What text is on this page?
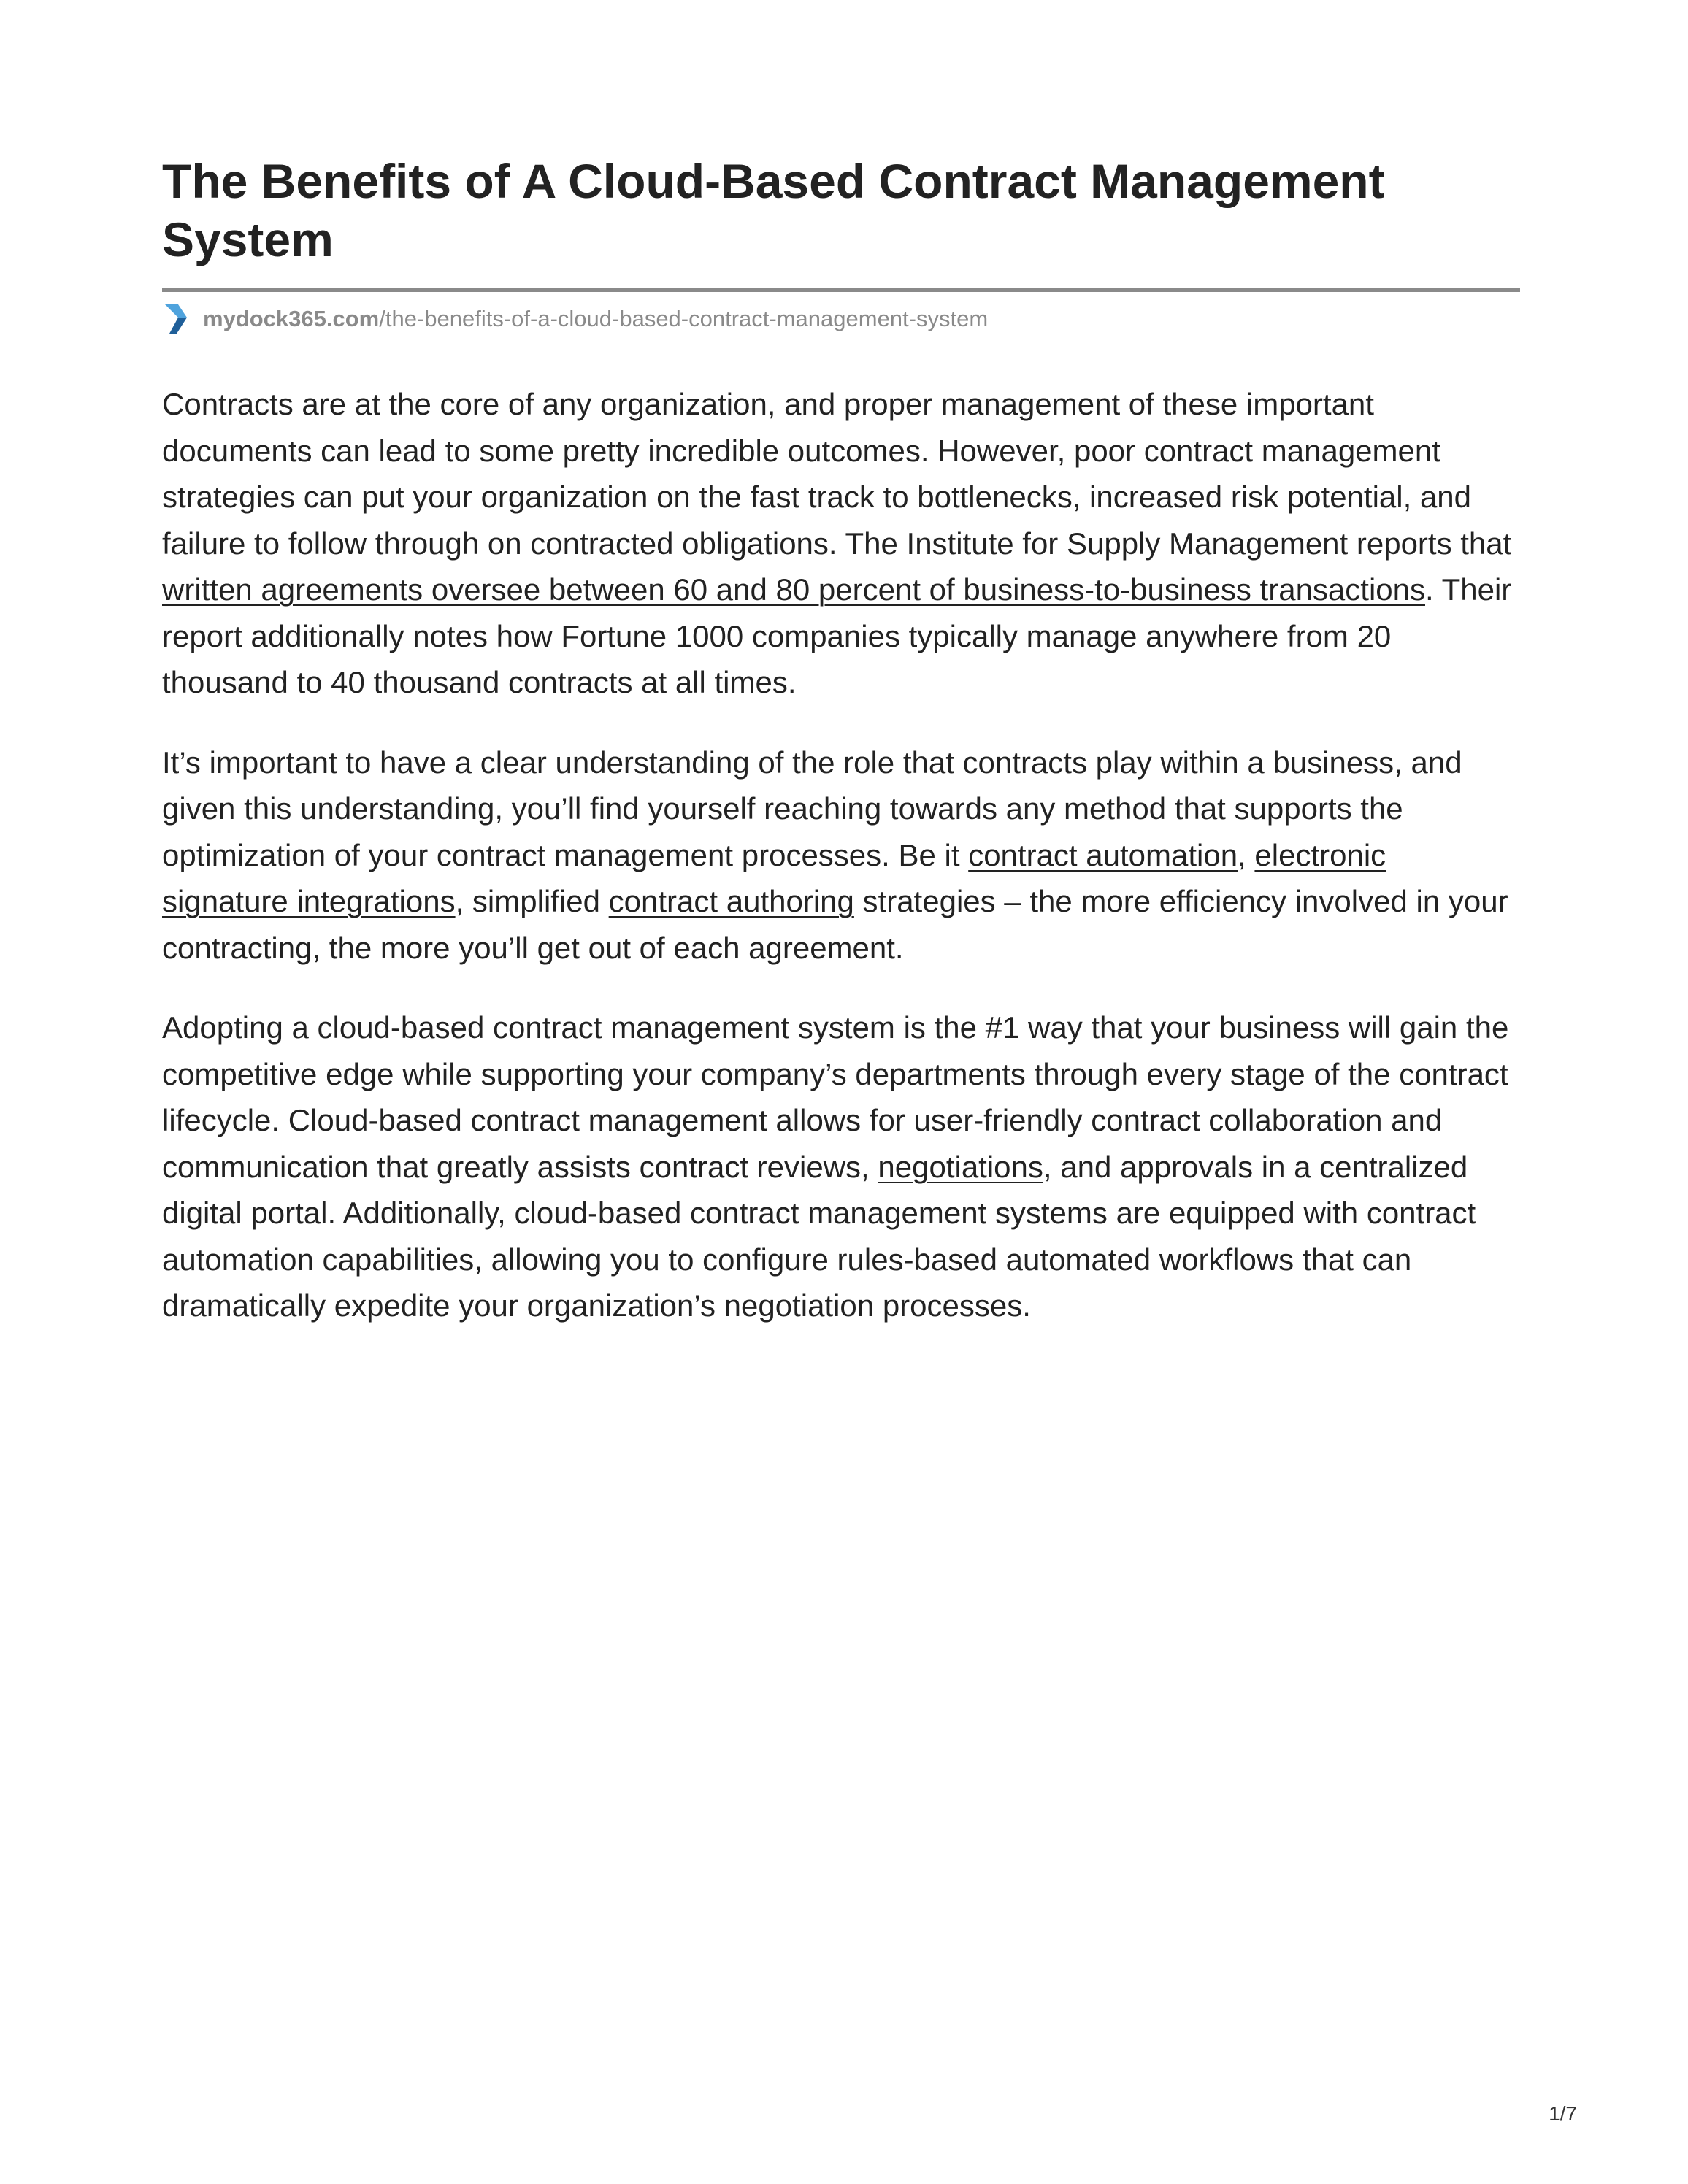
The Benefits of A Cloud-Based Contract Management System
mydock365.com /the-benefits-of-a-cloud-based-contract-management-system

Contracts are at the core of any organization, and proper management of these important documents can lead to some pretty incredible outcomes. However, poor contract management strategies can put your organization on the fast track to bottlenecks, increased risk potential, and failure to follow through on contracted obligations. The Institute for Supply Management reports that written agreements oversee between 60 and 80 percent of business-to-business transactions. Their report additionally notes how Fortune 1000 companies typically manage anywhere from 20 thousand to 40 thousand contracts at all times.

It’s important to have a clear understanding of the role that contracts play within a business, and given this understanding, you’ll find yourself reaching towards any method that supports the optimization of your contract management processes. Be it contract automation, electronic signature integrations, simplified contract authoring strategies – the more efficiency involved in your contracting, the more you’ll get out of each agreement.

Adopting a cloud-based contract management system is the #1 way that your business will gain the competitive edge while supporting your company’s departments through every stage of the contract lifecycle. Cloud-based contract management allows for user-friendly contract collaboration and communication that greatly assists contract reviews, negotiations, and approvals in a centralized digital portal. Additionally, cloud-based contract management systems are equipped with contract automation capabilities, allowing you to configure rules-based automated workflows that can dramatically expedite your organization’s negotiation processes.

1/7
